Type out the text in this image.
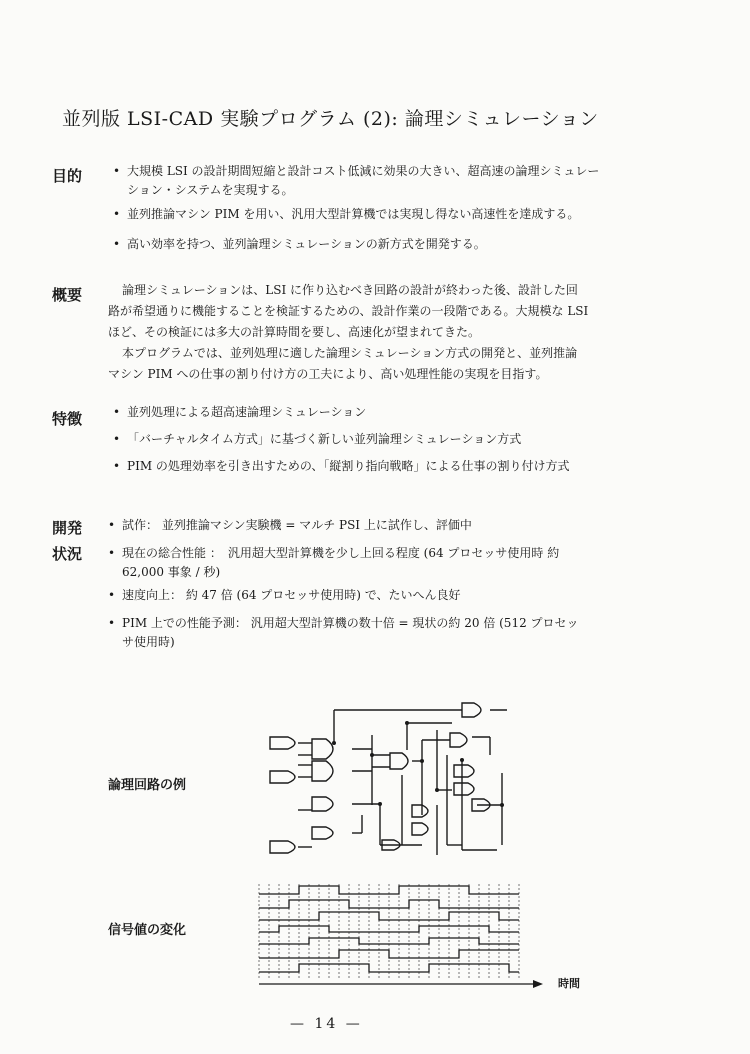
並列版 LSI-CAD 実験プログラム (2): 論理シミュレーション
目的	• 大規模 LSI の設計期間短縮と設計コスト低減に効果の大きい、超高速の論理シミュレー
ション・システムを実現する。
• 並列推論マシン PIM を用い、汎用大型計算機では実現し得ない高速性を達成する。
• 高い効率を持つ、並列論理シミュレーションの新方式を開発する。
概要	論理シミュレーションは、LSI に作り込むべき回路の設計が終わった後、設計した回
路が希望通りに機能することを検証するための、設計作業の一段階である。大規模な LSI
ほど、その検証には多大の計算時間を要し、高速化が望まれてきた。
本プログラムでは、並列処理に適した論理シミュレーション方式の開発と、並列推論
マシン PIM への仕事の割り付け方の工夫により、高い処理性能の実現を目指す。
特徴	• 並列処理による超高速論理シミュレーション
• 「バーチャルタイム方式」に基づく新しい並列論理シミュレーション方式
• PIM の処理効率を引き出すための、「縦割り指向戦略」による仕事の割り付け方式
開発
状況
• 試作： 並列推論マシン実験機 = マルチ PSI 上に試作し、評価中
• 現在の総合性能 ：　汎用超大型計算機を少し上回る程度 (64 プロセッサ使用時 約
62,000 事象 / 秒)
• 速度向上： 約 47 倍 (64 プロセッサ使用時) で、たいへん良好
• PIM 上での性能予測： 汎用超大型計算機の数十倍 = 現状の約 20 倍 (512 プロセッ
サ使用時)
論理回路の例
信号値の変化
時間
— 14 —
